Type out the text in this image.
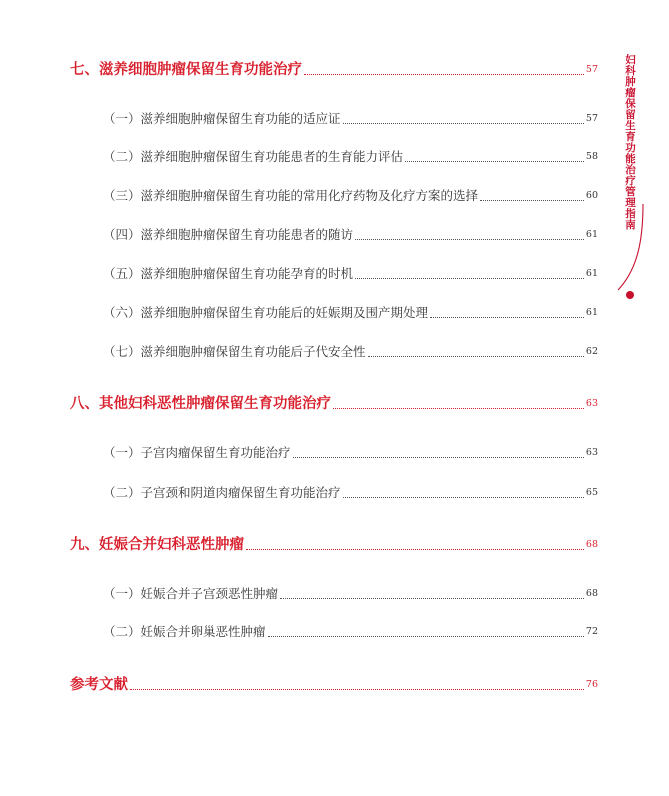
七、滋养细胞肿瘤保留生育功能治疗	57
（一）滋养细胞肿瘤保留生育功能的适应证	57
（二）滋养细胞肿瘤保留生育功能患者的生育能力评估	58
（三）滋养细胞肿瘤保留生育功能的常用化疗药物及化疗方案的选择	60
（四）滋养细胞肿瘤保留生育功能患者的随访	61
（五）滋养细胞肿瘤保留生育功能孕育的时机	61
（六）滋养细胞肿瘤保留生育功能后的妊娠期及围产期处理	61
（七）滋养细胞肿瘤保留生育功能后子代安全性	62
八、其他妇科恶性肿瘤保留生育功能治疗	63
（一）子宫肉瘤保留生育功能治疗	63
（二）子宫颈和阴道肉瘤保留生育功能治疗	65
九、妊娠合并妇科恶性肿瘤	68
（一）妊娠合并子宫颈恶性肿瘤	68
（二）妊娠合并卵巢恶性肿瘤	72
参考文献	76
妇科肿瘤保留生育功能治疗管理指南
